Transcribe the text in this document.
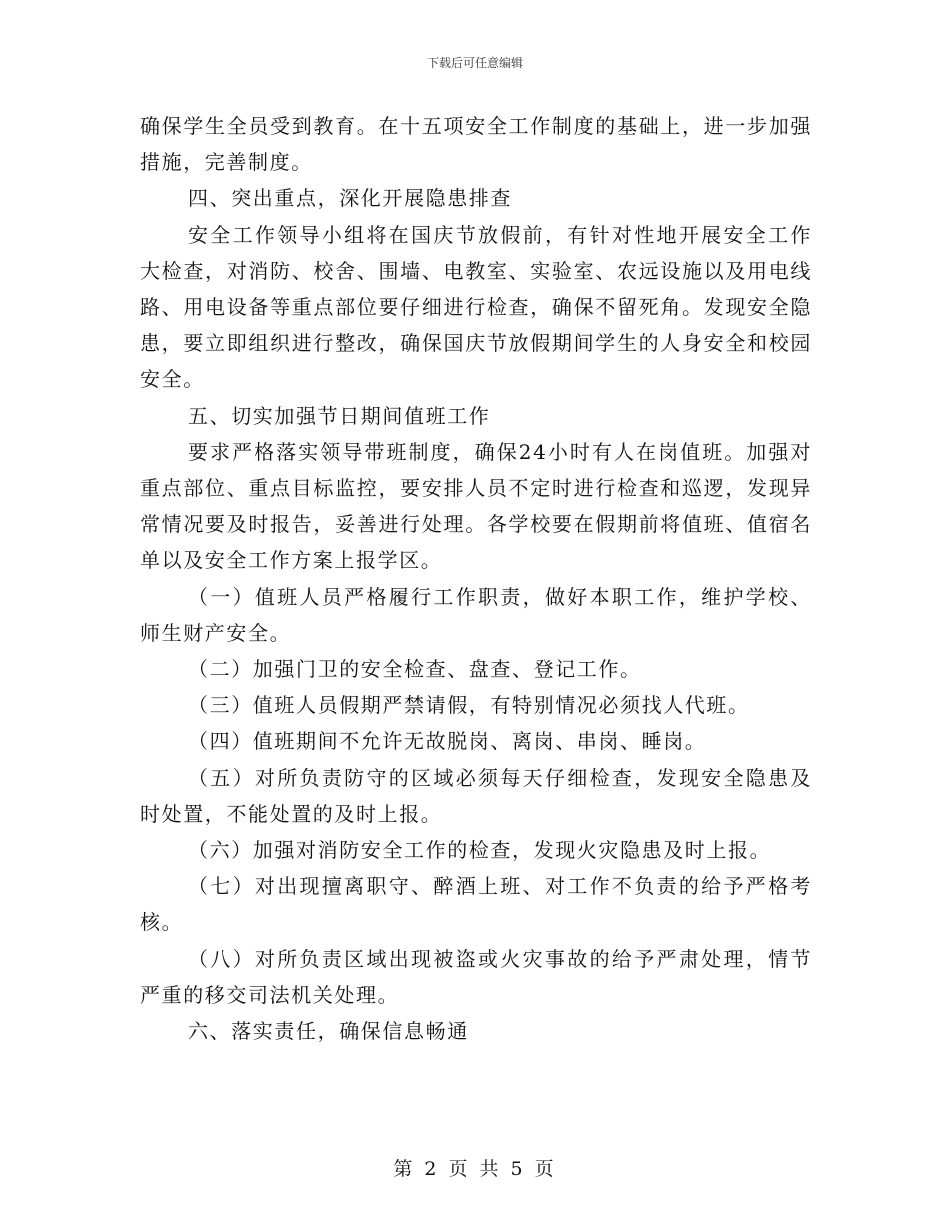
下载后可任意编辑

确保学生全员受到教育。在十五项安全工作制度的基础上，进一步加强措施，完善制度。

四、突出重点，深化开展隐患排查

安全工作领导小组将在国庆节放假前，有针对性地开展安全工作大检查，对消防、校舍、围墙、电教室、实验室、农远设施以及用电线路、用电设备等重点部位要仔细进行检查，确保不留死角。发现安全隐患，要立即组织进行整改，确保国庆节放假期间学生的人身安全和校园安全。

五、切实加强节日期间值班工作

要求严格落实领导带班制度，确保24小时有人在岗值班。加强对重点部位、重点目标监控，要安排人员不定时进行检查和巡逻，发现异常情况要及时报告，妥善进行处理。各学校要在假期前将值班、值宿名单以及安全工作方案上报学区。

（一）值班人员严格履行工作职责，做好本职工作，维护学校、师生财产安全。

（二）加强门卫的安全检查、盘查、登记工作。

（三）值班人员假期严禁请假，有特别情况必须找人代班。

（四）值班期间不允许无故脱岗、离岗、串岗、睡岗。

（五）对所负责防守的区域必须每天仔细检查，发现安全隐患及时处置，不能处置的及时上报。

（六）加强对消防安全工作的检查，发现火灾隐患及时上报。

（七）对出现擅离职守、醉酒上班、对工作不负责的给予严格考核。

（八）对所负责区域出现被盗或火灾事故的给予严肃处理，情节严重的移交司法机关处理。

六、落实责任，确保信息畅通

第 2 页 共 5 页
